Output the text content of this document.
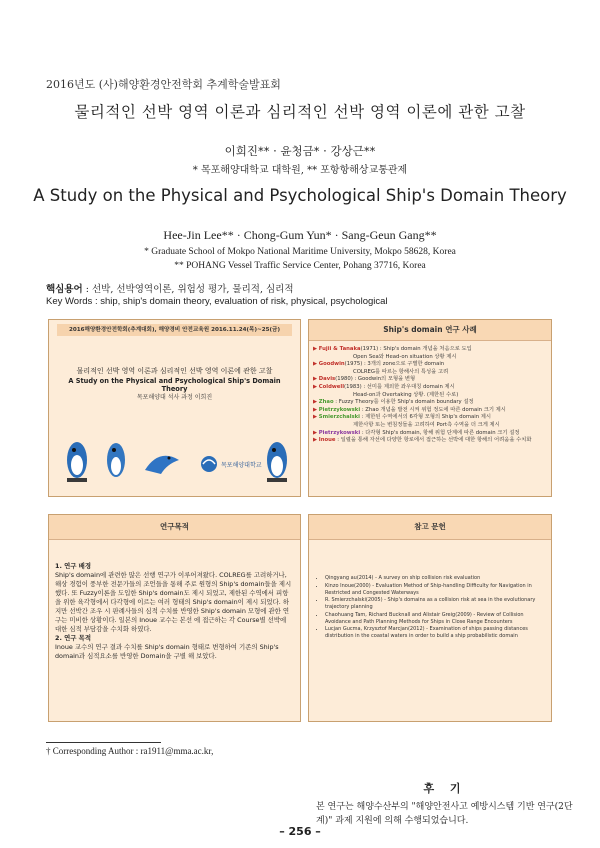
2016년도 (사)해양환경안전학회 추계학술발표회
물리적인 선박 영역 이론과 심리적인 선박 영역 이론에 관한 고찰
이희진** · 윤청금* · 강상근**
* 목포해양대학교 대학원, ** 포항항해상교통관제
A Study on the Physical and Psychological Ship's Domain Theory
Hee-Jin Lee** · Chong-Gum Yun* · Sang-Geun Gang**
* Graduate School of Mokpo National Maritime University, Mokpo 58628, Korea
** POHANG Vessel Traffic Service Center, Pohang 37716, Korea
핵심용어 : 선박, 선박영역이론, 위험성 평가, 물리적, 심리적
Key Words : ship, ship's domain theory, evaluation of risk, physical, psychological
2016해양환경안전학회(추계대회), 해양경비 안전교육원 2016.11.24(목)~25(금)
물리적인 선박 영역 이론과 심리적인 선박 영역 이론에 관한 고찰
A Study on the Physical and Psychological Ship's Domain Theory
목포해양대 석사 과정 이희진
목포해양대학교
Ship's domain 연구 사례
▶ Fujii & Tanaka(1971) : Ship's domain 개념을 처음으로 도입
Open Sea와 Head-on situation 상황 제시
▶ Goodwin(1975) : 3개의 zone으로 구별한 domain
COLREG를 따르는 항해사의 특성을 고려
▶ Davis(1980) : Goodwin의 모형을 변형
▶ Coldwell(1983) : 선미를 제외한 좌우대칭 domain 제시
Head-on과 Overtaking 상황. (제한된 수로)
▶ Zhao : Fuzzy Theory를 이용한 Ship's domain boundary 설정
▶ Pietrzykowski : Zhao 개념을 발전 시켜 위험 정도에 따른 domain 크기 제시
▶ Smierzchalski : 제한된 수역에서의 6각형 모형의 Ship's domain 제시
제한사항 또는 변침정들을 고려하여 Port측 수역을 더 크게 제시
▶ Pietrzykowski : 다각형 Ship's domain, 항해 위험 단계에 따른 domain 크기 설정
▶ Inoue : 일렬을 통해 자선에 다양한 항로에서 접근하는 선박에 대한 항해의 어려움을 수치화
연구목적
1. 연구 배경
Ship's domain에 관련한 많은 선행 연구가 이루어져왔다. COLREG를 고려하거나, 해상 경험이 풍부한 전문가들의 조언들을 통해 주로 원형의 Ship's domain들을 제시했다. 또 Fuzzy이론을 도입한 Ship's domain도 제시 되었고, 제한된 수역에서 피항을 위한 육각형에서 다각형에 이르는 여러 형태의 Ship's domain이 제시 되었다. 하지만 선박간 조우 시 판례사들의 심적 수치를 반영한 Ship's domain 모형에 관한 연구는 미비한 상황이다. 일본의 Inoue 교수는 본선 에 접근하는 각 Course별 선박에 대한 심적 부담감을 수치화 하였다.
2. 연구 목적
Inoue 교수의 연구 결과 수치를 Ship's domain 형태로 변형하여 기존의 Ship's domain과 심적요소를 반영한 Domain을 구별 해 보았다.
참고 문헌
• Qingyang au(2014) - A survey on ship collision risk evaluation
• Kinzo Inoue(2000) - Evaluation Method of Ship-handling Difficulty for Navigation in Restricted and Congested Waterways
• R. Smierzchalski(2005) - Ship's domains as a collision risk at sea in the evolutionary trajectory planning
• Chaohuang Tam, Richard Bucknall and Alistair Greig(2009) - Review of Collision Avoidance and Path Planning Methods for Ships in Close Range Encounters
• Lucjan Gucma, Krzysztof Marcjan(2012) - Examination of ships passing distances distribution in the coastal waters in order to build a ship probabilistic domain
후 기
본 연구는 해양수산부의 "해양안전사고 예방시스템 기반 연구(2단계)" 과제 지원에 의해 수행되었습니다.
† Corresponding Author : ra1911@mma.ac.kr,
– 256 –
